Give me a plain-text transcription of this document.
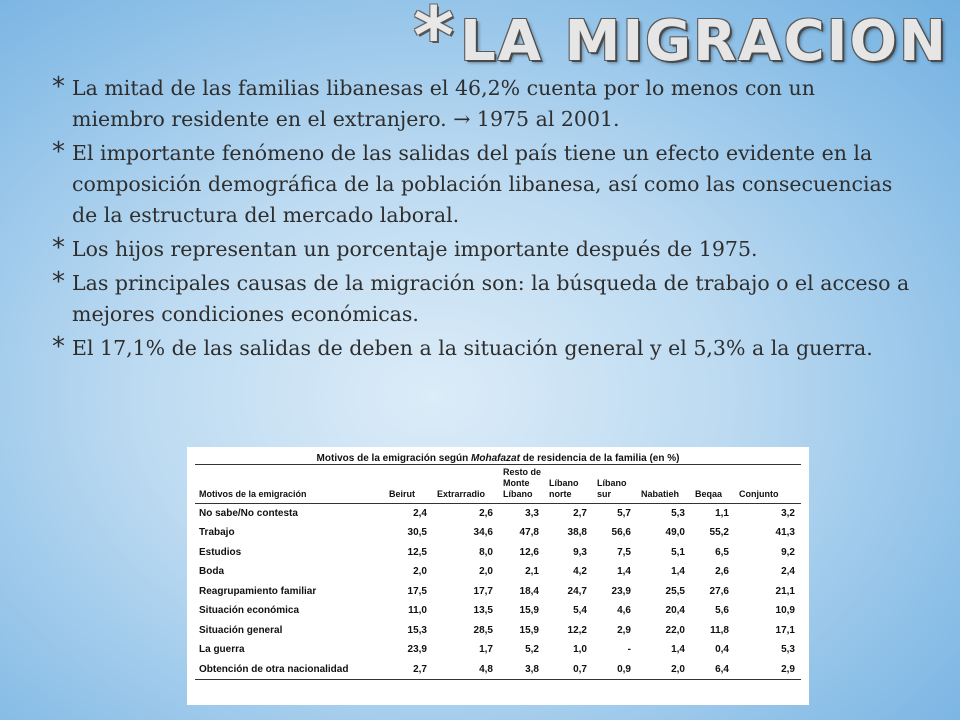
* LA MIGRACION
* La mitad de las familias libanesas el 46,2% cuenta por lo menos con un miembro residente en el extranjero. → 1975 al 2001.
* El importante fenómeno de las salidas del país tiene un efecto evidente en la composición demográfica de la población libanesa, así como las consecuencias de la estructura del mercado laboral.
* Los hijos representan un porcentaje importante después de 1975.
* Las principales causas de la migración son: la búsqueda de trabajo o el acceso a mejores condiciones económicas.
* El 17,1% de las salidas de deben a la situación general y el 5,3% a la guerra.
Motivos de la emigración según Mohafazat de residencia de la familia (en %)
Motivos de la emigración	Beirut	Extrarradio	Resto de Monte Líbano	Líbano norte	Líbano sur	Nabatieh	Beqaa	Conjunto
No sabe/No contesta	2,4	2,6	3,3	2,7	5,7	5,3	1,1	3,2
Trabajo	30,5	34,6	47,8	38,8	56,6	49,0	55,2	41,3
Estudios	12,5	8,0	12,6	9,3	7,5	5,1	6,5	9,2
Boda	2,0	2,0	2,1	4,2	1,4	1,4	2,6	2,4
Reagrupamiento familiar	17,5	17,7	18,4	24,7	23,9	25,5	27,6	21,1
Situación económica	11,0	13,5	15,9	5,4	4,6	20,4	5,6	10,9
Situación general	15,3	28,5	15,9	12,2	2,9	22,0	11,8	17,1
La guerra	23,9	1,7	5,2	1,0	-	1,4	0,4	5,3
Obtención de otra nacionalidad	2,7	4,8	3,8	0,7	0,9	2,0	6,4	2,9
